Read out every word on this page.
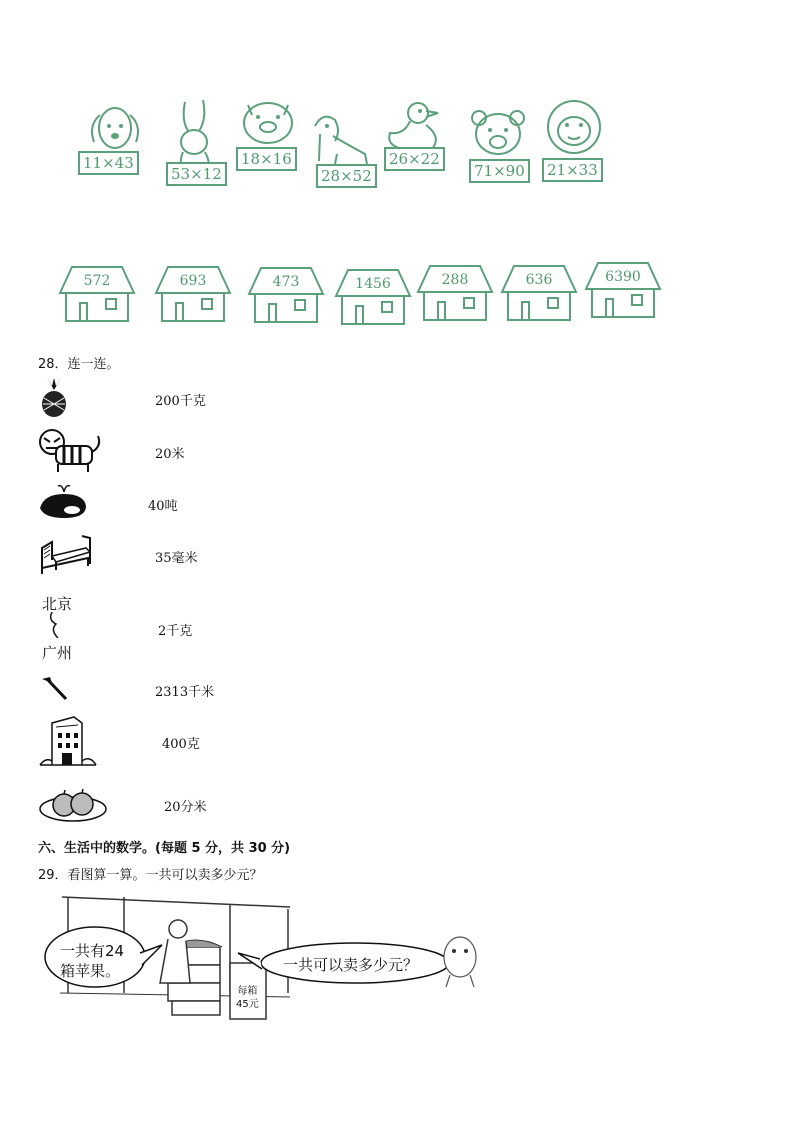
11×43
53×12
18×16
28×52
26×22
71×90	21×33
572	693	473	1456	288	636	6390
28．连一连。
200千克
20米
40吨
35毫米
北京
广州
2千克
2313千米
400克
20分米
六、生活中的数学。(每题 5 分，共 30 分)
29．看图算一算。一共可以卖多少元？
一共有24
箱苹果。	一共可以卖多少元？
每箱
45元
